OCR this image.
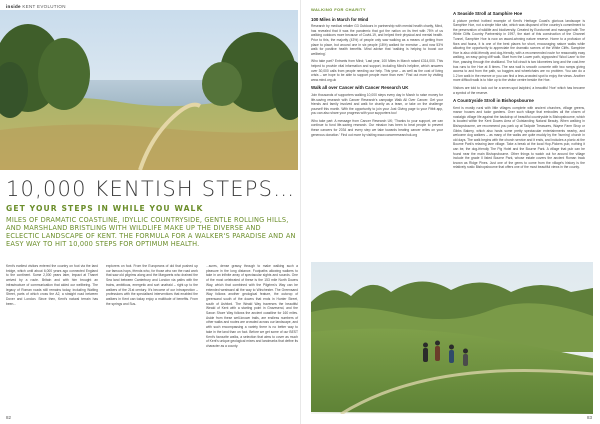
inside KENT EVOLUTION
10,000 KENTISH STEPS…
GET YOUR STEPS IN WHILE YOU WALK
MILES OF DRAMATIC COASTLINE, IDYLLIC COUNTRYSIDE, GENTLE ROLLING HILLS, AND MARSHLAND BRISTLING WITH WILDLIFE MAKE UP THE DIVERSE AND ECLECTIC LANDSCAPE OF KENT. THE FORMULA FOR A WALKER'S PARADISE AND AN EASY WAY TO HIT 10,000 STEPS FOR OPTIMUM HEALTH.
Kent's earliest visitors entered the country on foot via the land bridge, which until about 6,000 years ago connected England to the continent. Some 2,000 years later, Impact at Thanet arrived by a route. Britain and with him brought an infrastructure of communication that aided our wellbeing. The legacy of Roman roads still remains today, including Watling Street, parts of which cross the A2, a straight road between Dover and London. Since then, Kent's natural terrain has been...
explorers on foot. From the Europeans of old that pushed up our famous hops, friends who, for those who ran the road work that saw old pilgrims along and the Margarets who drained the Sea land between Canterbury and London via paths with the trains, ambitious, energetic and sort unafraid – right up to the walkers of the 21st century. It's become of our introspection – professions with the specialised interventions that enabled the walkers in Kent can today enjoy a multitude of benefits. From the springs and Sus-
...sures, dense grassy through to make walking such a pleasure in the long distance. Footpaths allowing walkers to take in an infinite array of spectacular sights and sounds. One of the most celebrated of these is the 153 mile North Downs Way, which that combined with the Pilgrims's Way can be extended westward all the way to Winchester. The Greensand Way follows another geological feature, the outcrop of greensand south of the downs that ends in Hunter Street, south of Ashford. The Weald Way traverses the beautiful Weald of Kent with a starting point in Gravesend, and the Saxon Shore Way follows the ancient coastline for 160 miles. Aside from these well-known trails, are endless numbers of other walks and routes are crowded across our landscape, and with such encompassing a variety there is no better way to take in the land than on foot. Before we get some of our BEST Kent's favourite walks, a selection that aims to cover as much of Kent's unique geological mixes and landmarks that define its character as a county.
82
WALKING FOR CHARITY
100 Miles in March for Mind

Research by medical retailer G3 Outdoors in partnership with mental health charity, Mind, has revealed that it was the pandemic that got the nation on its feet with 75% of us walking outdoors more because of Covid-19, and helped their physical and mental health. Prior to this, the majority (43%) of people only saw walking as a means of getting from place to place, but around one in six people (18%) walked for exercise – and now 53% walk for positive health benefits. Mind advise that 'walking is helping to boost our wellbeing'.

Who take part? Entrants from Mind; 'Last year, 100 Miles in March raised £314,000. This helped to provide vital information and support, including Mind's helpline, which answers over 30,000 calls from people needing our help. This year – as well as the cost of living crisis – we hope to be able to support people more than ever.' Find out more by visiting www.mind.org.uk

Walk all over Cancer with Cancer Research UK

Join thousands of supporters walking 10,000 steps every day in March to raise money for life-saving research with Cancer Research's campaign Walk All Over Cancer. Get your friends and family involved and walk for charity as a team, or take on the challenge yourself this month. With the opportunity to join your Just Giving page to your Fitbit app, you can also share your progress with your supporters too!

Who take part: A message from Cancer Research UK; 'Thanks to your support, we can continue to fund life-saving research. Our mission has been to beat people to prevent these cancers for 2034 and every step we take towards beating cancer relies on your generous donation.' Find out more by visiting www.cancerresearchuk.org

A Seaside Stroll at Samphire Hoe

A picture perfect hotbed example of Kent's Heritage Coast's glorious landscape is Samphire Hoe, not a simple hike site, which was disposed of the country's commitment to the preservation of wildlife and biodiversity. Created by Eurotunnel and managed with The White Cliffs Country Partnership in 1997, the start of this construction of the Channel Tunnel, Samphire Hoe is now an award-winning nature reserve. Home to a profusion of flora and fauna, it is one of the best places for short, encouraging nature walks while allowing the opportunity to appreciate the dramatic scenes of the White Cliffs. Samphire Hoe is also child-friendly and dog-friendly, with a recommended route for reasonably easy walking, an easy going cliff walk. Start from the Lower path, signposted 'Wool Lane' to the Hoe, passing through the chalkland. The full circuit is two kilometres long and the cost-free bus runs to the Hoe at 8 times. The sea wall is smooth concrete with two ramps giving access to and from the path, so buggies and wheelchairs are no problem. You can do a 1.2 km walk in the reserve or you can find a less-crowded spot to enjoy the views. Another more difficult walk is to hike up to the visitor centre beside the Hoe.

Visitors are told to look out for a seven-spot ladybird, a beautiful 'Hoe' which has become a symbol of the reserve.

A Countryside Stroll in Bishopsbourne

Kent is mostly rural with little villages complete with ancient churches, village greens, manor houses and tudor gardens. Over such village that embodies all the charm of nostalgic village life against the backdrop of beautiful countryside is Bishopsbourne, which is located within the Kent Downs Area of Outstanding Natural Beauty. When walking in Bishopsbourne, we recommend you park up at Tadpole Treasures, Wayne Farm Shop or Gibbs Bakery, which also hosts some pretty spectacular entertainments nearby, and welcome dog walkers – as many of the walks are quite muddy by the 'burning' church in old days. The walk begins with the church service and it ends, and includes a picnic at the Bourne Park's relaxing lane village. Take a break at the local Hop-Pickers pub, nothing it can be, the dog-friendly The Pig Hotel and the Bourne Park. A village that pub can be found near the main Bishopsbourne. Other things to watch out for around the village include the grade II listed Bourne Park, whose estate covers the ancient Roman track known as Ridge Pines. Just one of the gems to come from the village's history is the relatively rustic Bishopsbourne that offers one of the most beautiful views in the county.

83
